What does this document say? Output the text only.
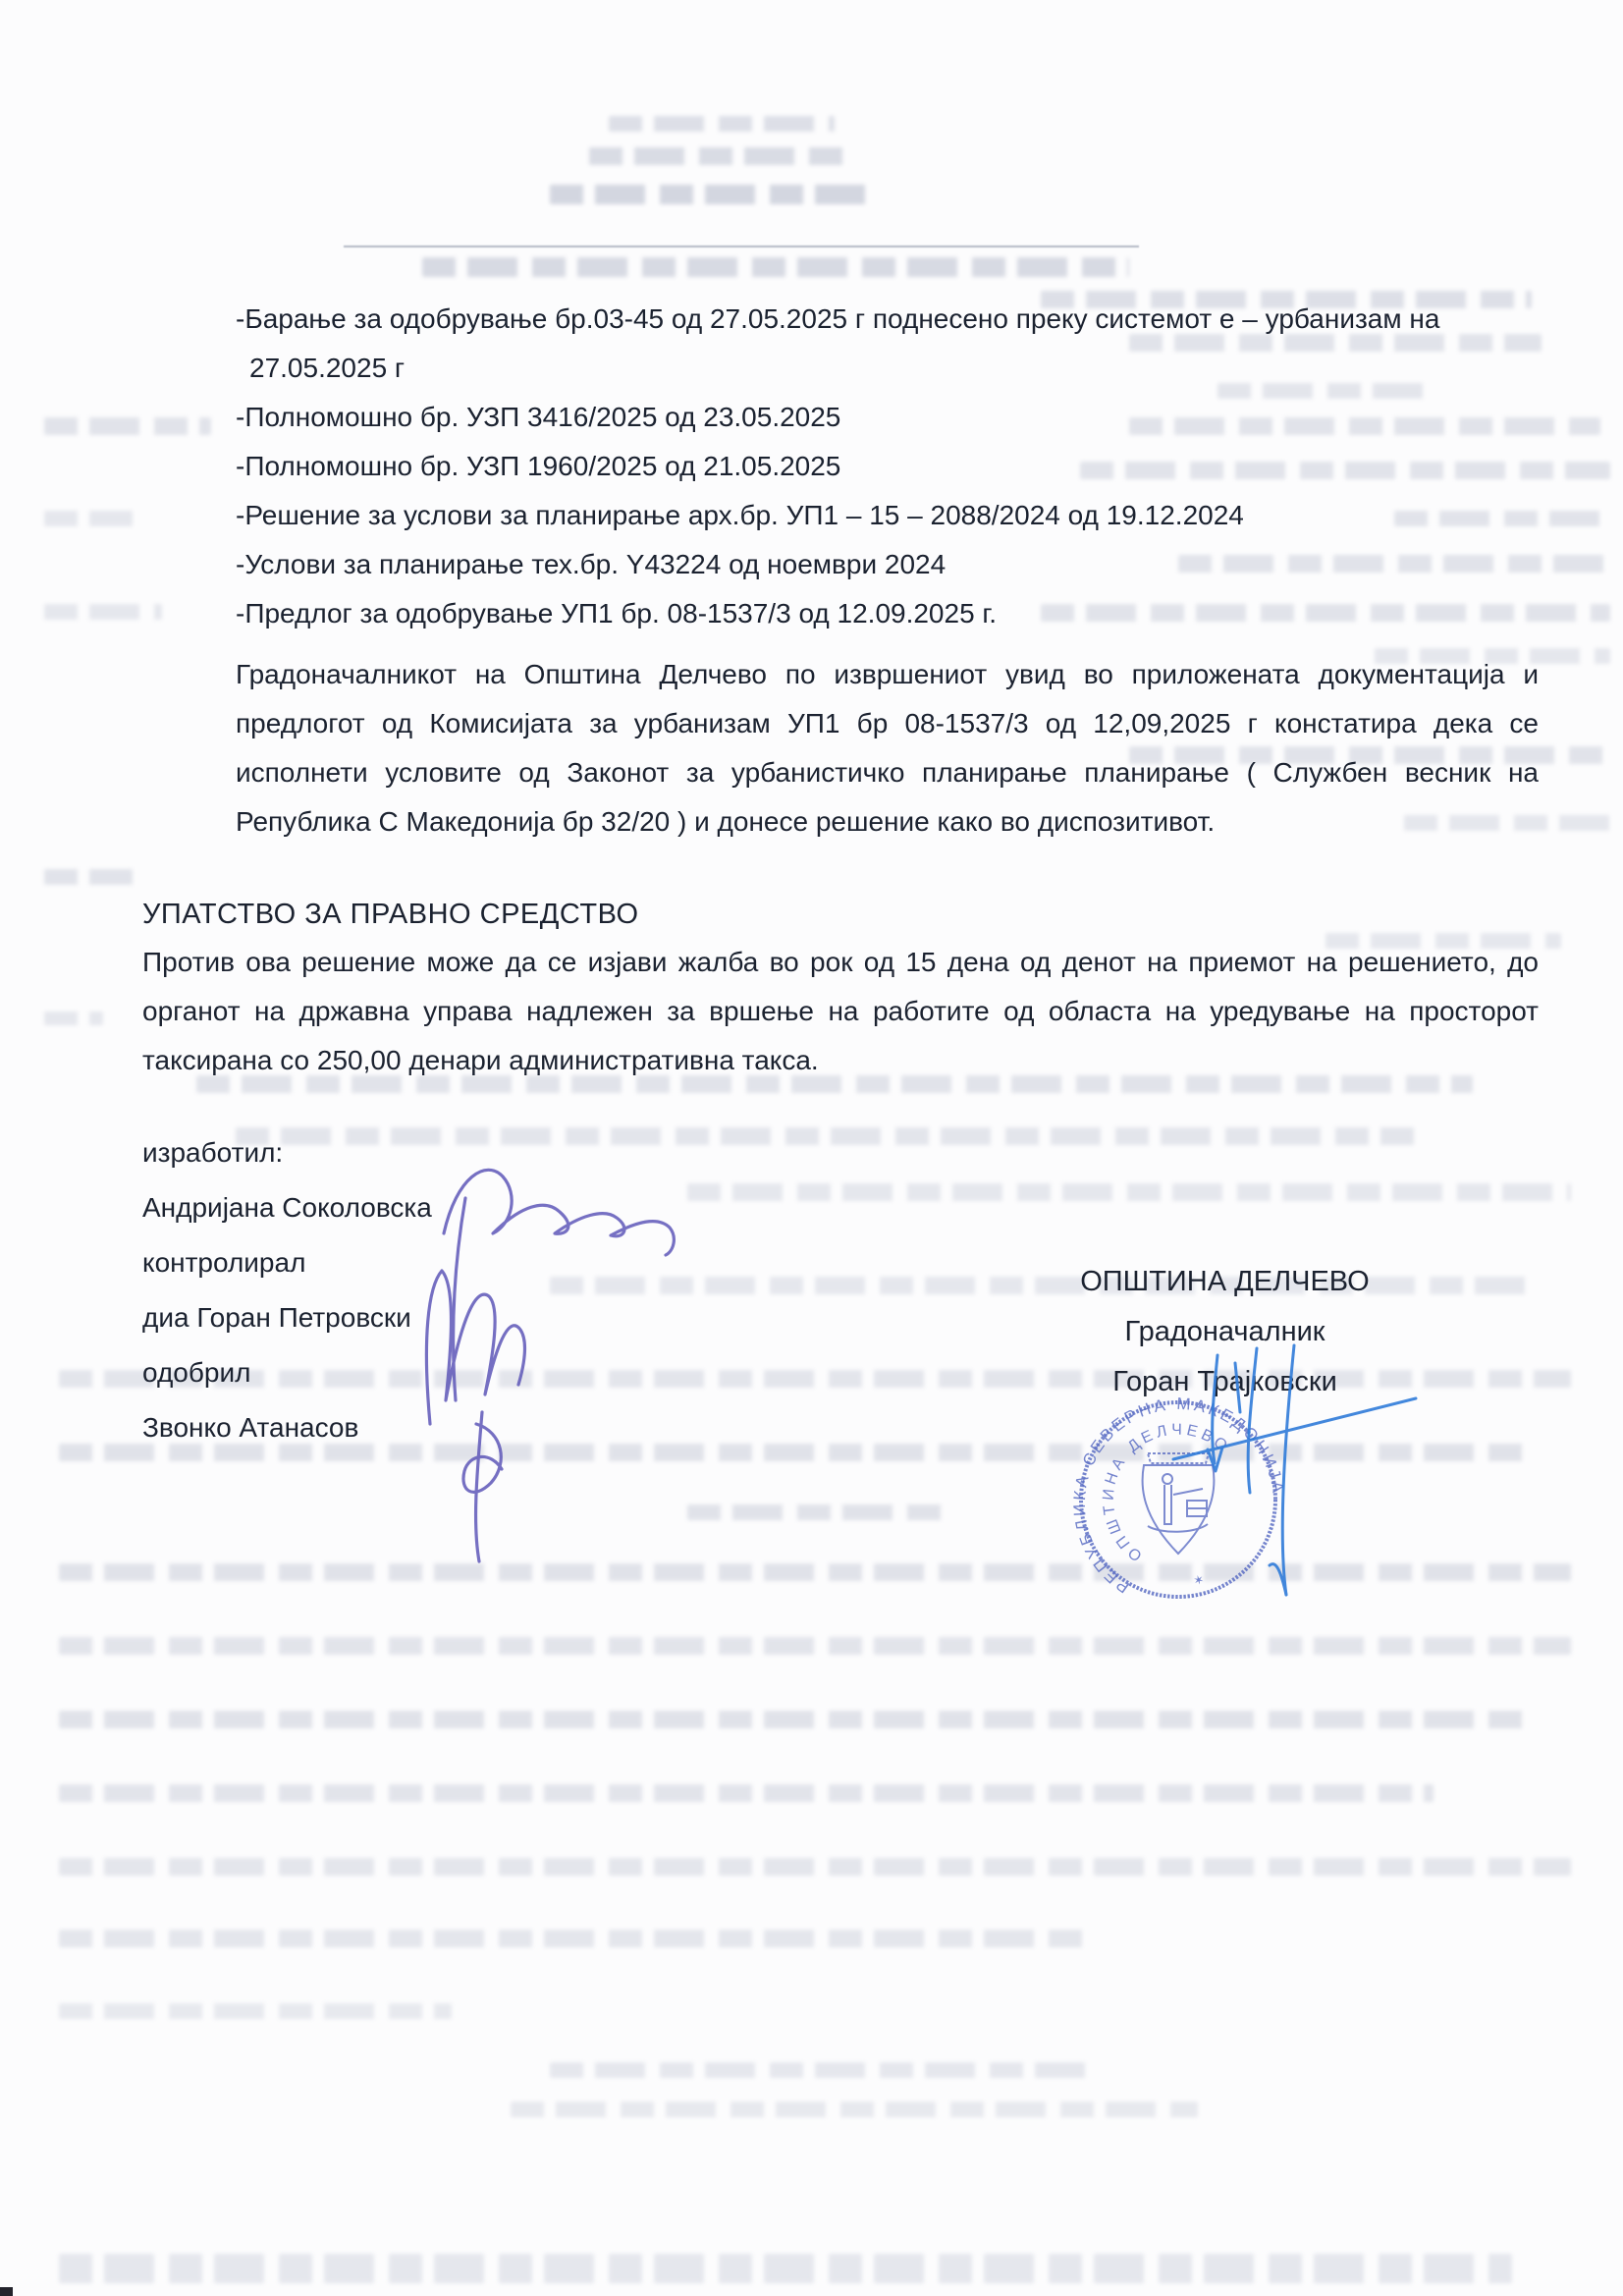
-Барање за одобрување бр.03-45 од 27.05.2025 г поднесено преку системот е – урбанизам на 27.05.2025 г
-Полномошно бр. УЗП 3416/2025 од 23.05.2025
-Полномошно бр. УЗП 1960/2025 од 21.05.2025
-Решение за услови за планирање арх.бр. УП1 – 15 – 2088/2024 од 19.12.2024
-Услови за планирање тех.бр. Y43224 од ноември 2024
-Предлог за одобрување УП1 бр. 08-1537/3 од 12.09.2025 г.
Градоначалникот на Општина Делчево по извршениот увид во приложената документација и предлогот од Комисијата за урбанизам УП1 бр 08-1537/3 од 12,09,2025 г констатира дека се исполнети условите од Законот за урбанистичко планирање планирање ( Службен весник на Република С Македонија бр 32/20 ) и донесе решение како во диспозитивот.
УПАТСТВО ЗА ПРАВНО СРЕДСТВО
Против ова решение може да се изјави жалба во рок од 15 дена од денот на приемот на решението, до органот на државна управа надлежен за вршење на работите од областа на уредување на просторот таксирана со 250,00 денари административна такса.
изработил:
Андријана Соколовска
контролирал
диа Горан Петровски
одобрил
Звонко Атанасов
ОПШТИНА ДЕЛЧЕВО
Градоначалник
Горан Трајковски
РЕПУБЛИКА СЕВЕРНА МАКЕДОНИЈА
ОПШТИНА ДЕЛЧЕВО
✶
